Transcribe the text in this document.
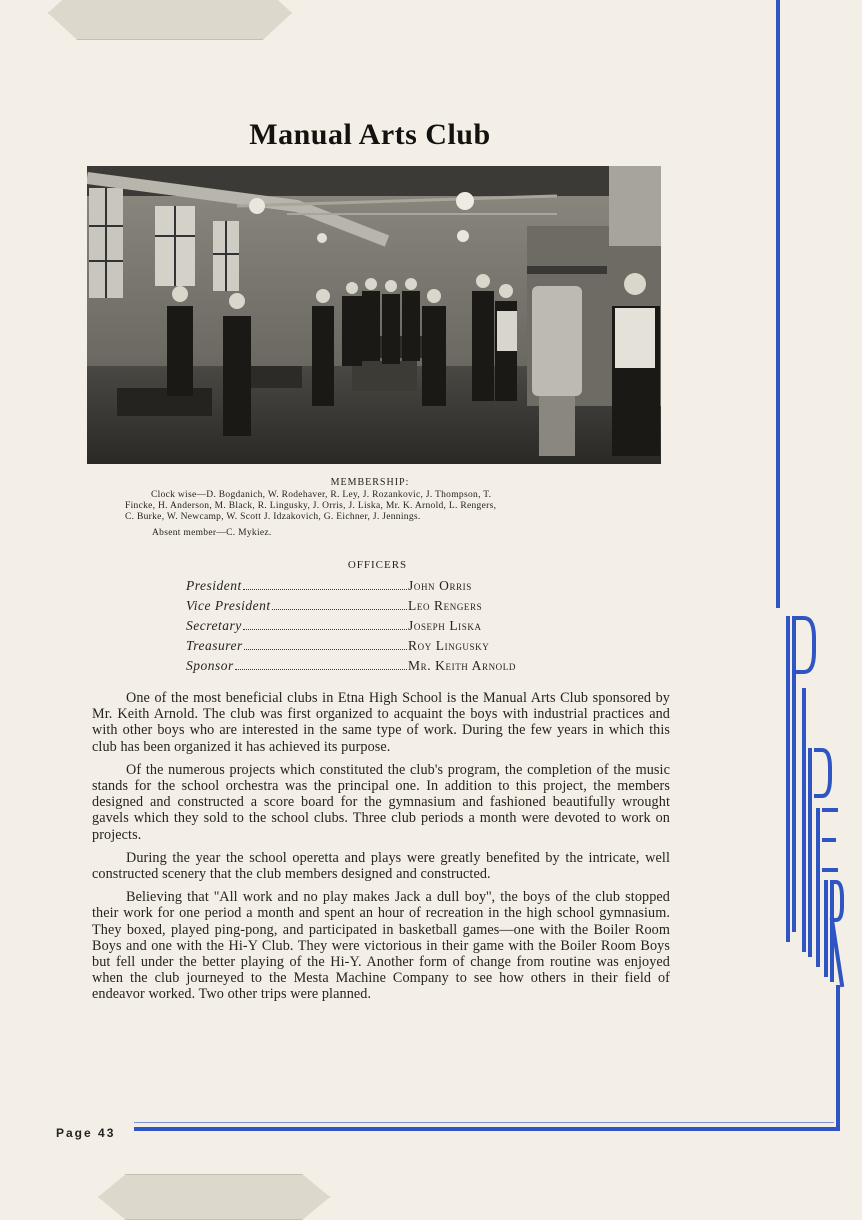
Manual Arts Club
MEMBERSHIP:

Clock wise—D. Bogdanich, W. Rodehaver, R. Ley, J. Rozankovic, J. Thompson, T.

Fincke, H. Anderson, M. Black, R. Lingusky, J. Orris, J. Liska, Mr. K. Arnold, L. Rengers,

C. Burke, W. Newcamp, W. Scott J. Idzakovich, G. Eichner, J. Jennings.

Absent member—C. Mykiez.
OFFICERS
President	John Orris
Vice President	Leo Rengers
Secretary	Joseph Liska
Treasurer	Roy Lingusky
Sponsor	Mr. Keith Arnold

One of the most beneficial clubs in Etna High School is the Manual Arts Club sponsored by Mr. Keith Arnold. The club was first organized to acquaint the boys with industrial practices and with other boys who are interested in the same type of work. During the few years in which this club has been organized it has achieved its purpose.

Of the numerous projects which constituted the club's program, the completion of the music stands for the school orchestra was the principal one. In addition to this project, the members designed and constructed a score board for the gymnasium and fashioned beautifully wrought gavels which they sold to the school clubs. Three club periods a month were devoted to work on projects.

During the year the school operetta and plays were greatly benefited by the intricate, well constructed scenery that the club members designed and constructed.

Believing that ''All work and no play makes Jack a dull boy'', the boys of the club stopped their work for one period a month and spent an hour of recreation in the high school gymnasium. They boxed, played ping-pong, and participated in basketball games—one with the Boiler Room Boys and one with the Hi-Y Club. They were victorious in their game with the Boiler Room Boys but fell under the better playing of the Hi-Y. Another form of change from routine was enjoyed when the club journeyed to the Mesta Machine Company to see how others in their field of endeavor worked. Two other trips were planned.

Page 43
